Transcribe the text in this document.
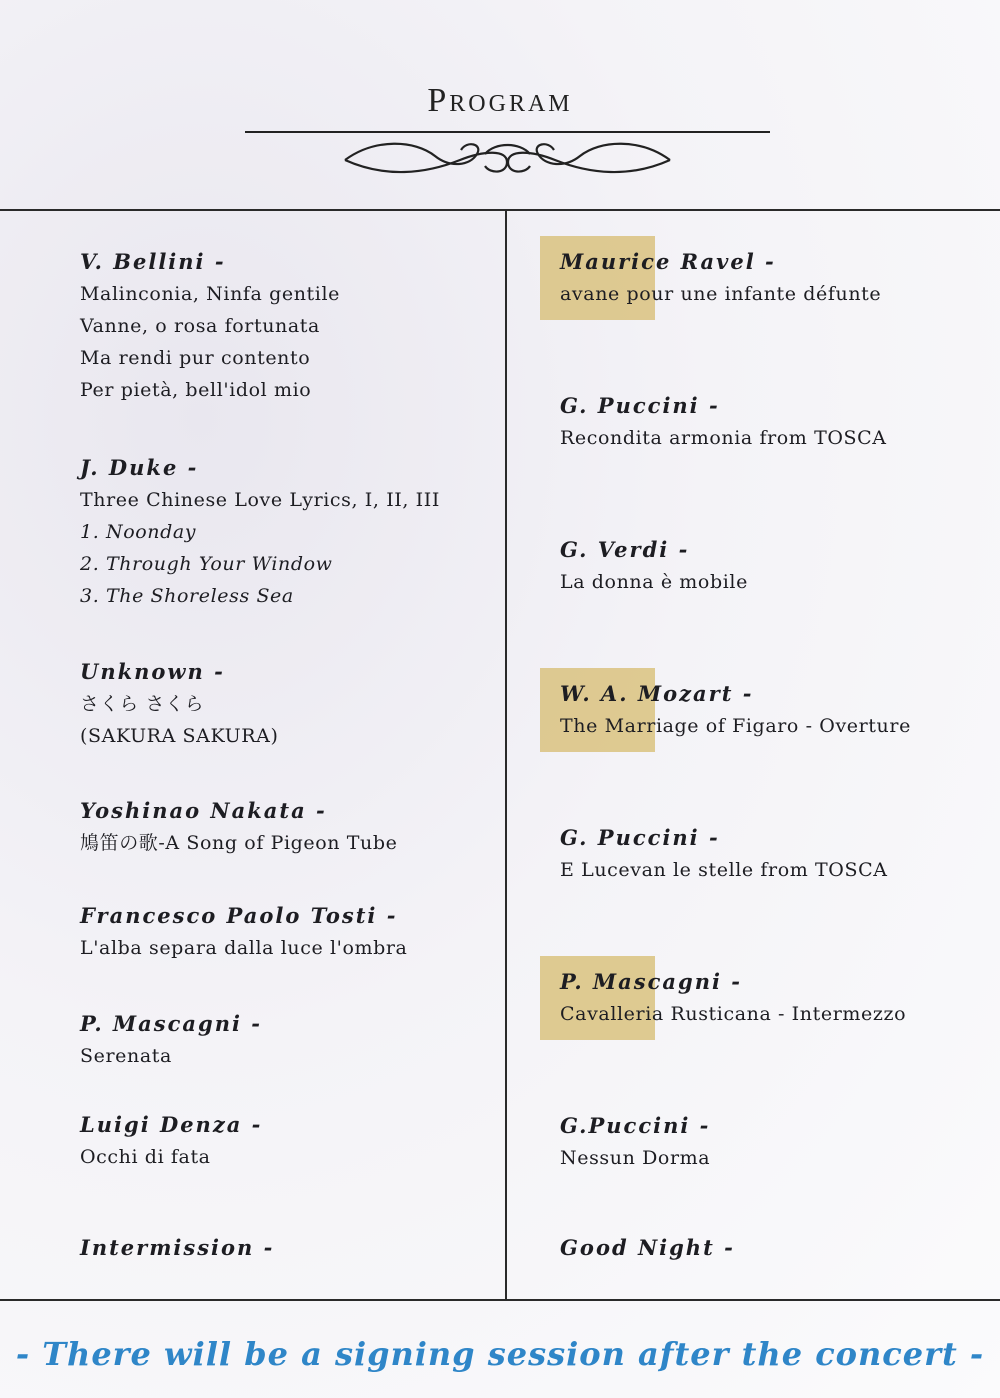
Program
V. Bellini -
Malinconia, Ninfa gentile
Vanne, o rosa fortunata
Ma rendi pur contento
Per pietà, bell'idol mio
J. Duke -
Three Chinese Love Lyrics, I, II, III
1. Noonday
2. Through Your Window
3. The Shoreless Sea
Unknown -
さくら さくら
(SAKURA SAKURA)
Yoshinao Nakata -
鳩笛の歌-A Song of Pigeon Tube
Francesco Paolo Tosti -
L'alba separa dalla luce l'ombra
P. Mascagni -
Serenata
Luigi Denza -
Occhi di fata
Intermission -
Maurice Ravel -
avane pour une infante défunte
G. Puccini -
Recondita armonia from TOSCA
G. Verdi -
La donna è mobile
W. A. Mozart -
The Marriage of Figaro - Overture
G. Puccini -
E Lucevan le stelle from TOSCA
P. Mascagni -
Cavalleria Rusticana - Intermezzo
G.Puccini -
Nessun Dorma
Good Night -
- There will be a signing session after the concert -
